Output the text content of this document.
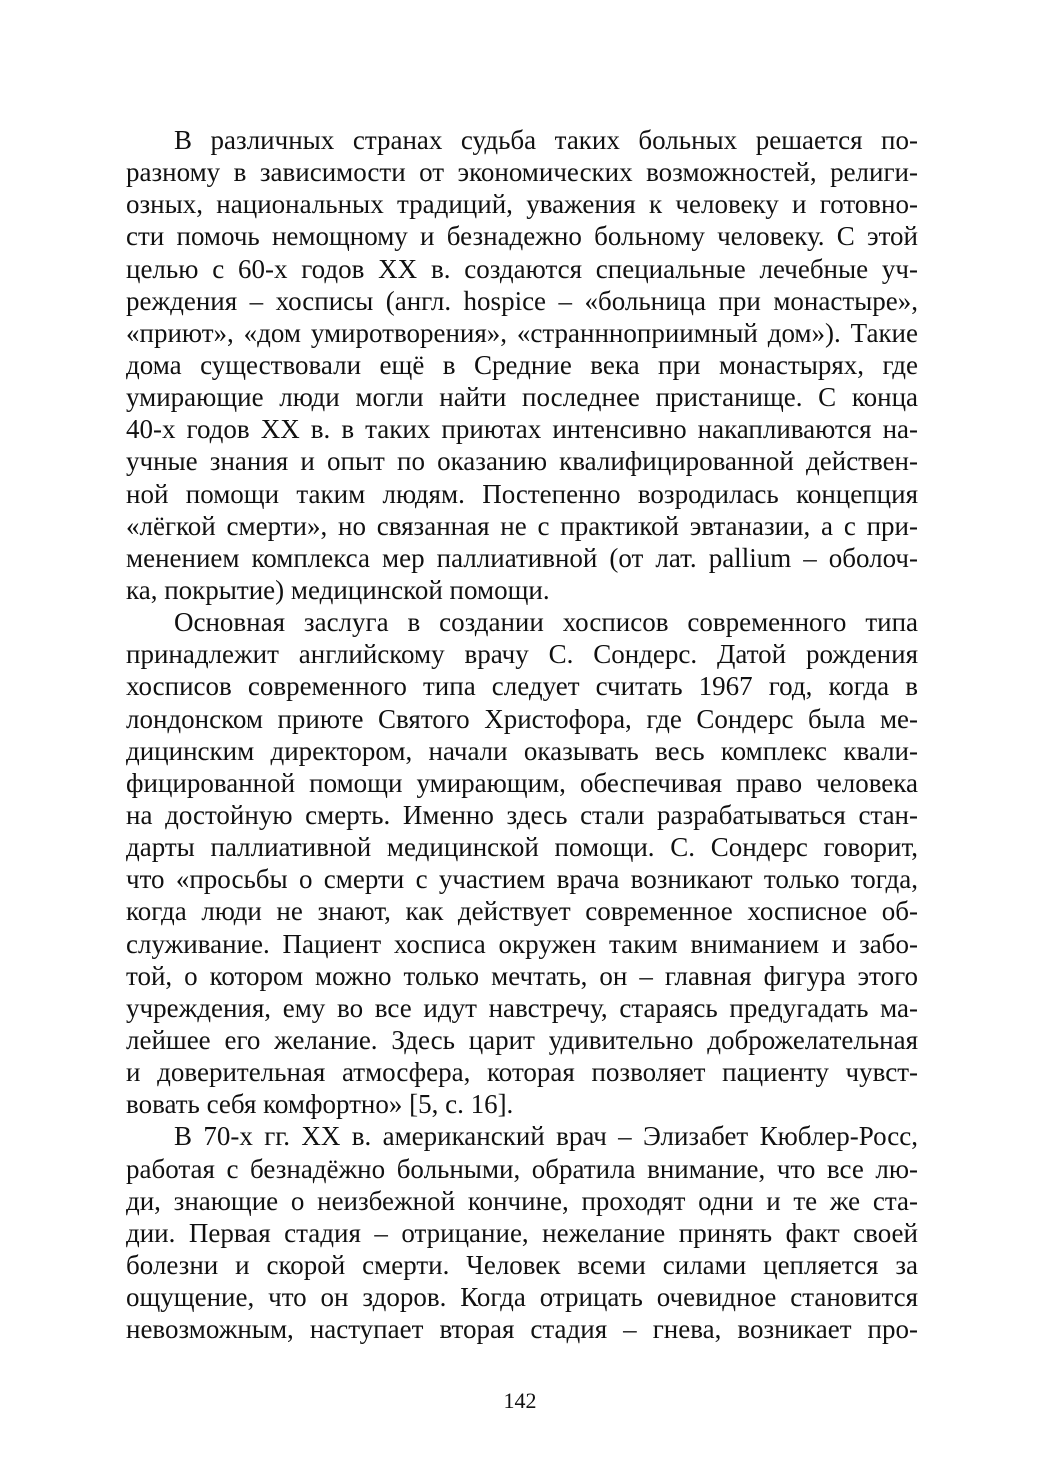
В различных странах судьба таких больных решается по-
разному в зависимости от экономических возможностей, религи-
озных, национальных традиций, уважения к человеку и готовно-
сти помочь немощному и безнадежно больному человеку. С этой
целью с 60-х годов XX в. создаются специальные лечебные уч-
реждения – хосписы (англ. hospice – «больница при монастыре»,
«приют», «дом умиротворения», «страннноприимный дом»). Такие
дома существовали ещё в Средние века при монастырях, где
умирающие люди могли найти последнее пристанище. С конца
40-х годов XX в. в таких приютах интенсивно накапливаются на-
учные знания и опыт по оказанию квалифицированной действен-
ной помощи таким людям. Постепенно возродилась концепция
«лёгкой смерти», но связанная не с практикой эвтаназии, а с при-
менением комплекса мер паллиативной (от лат. pallium – оболоч-
ка, покрытие) медицинской помощи.
Основная заслуга в создании хосписов современного типа
принадлежит английскому врачу С. Сондерс. Датой рождения
хосписов современного типа следует считать 1967 год, когда в
лондонском приюте Святого Христофора, где Сондерс была ме-
дицинским директором, начали оказывать весь комплекс квали-
фицированной помощи умирающим, обеспечивая право человека
на достойную смерть. Именно здесь стали разрабатываться стан-
дарты паллиативной медицинской помощи. С. Сондерс говорит,
что «просьбы о смерти с участием врача возникают только тогда,
когда люди не знают, как действует современное хосписное об-
служивание. Пациент хосписа окружен таким вниманием и забо-
той, о котором можно только мечтать, он – главная фигура этого
учреждения, ему во все идут навстречу, стараясь предугадать ма-
лейшее его желание. Здесь царит удивительно доброжелательная
и доверительная атмосфера, которая позволяет пациенту чувст-
вовать себя комфортно» [5, с. 16].
В 70-х гг. XX в. американский врач – Элизабет Кюблер-Росс,
работая с безнадёжно больными, обратила внимание, что все лю-
ди, знающие о неизбежной кончине, проходят одни и те же ста-
дии. Первая стадия – отрицание, нежелание принять факт своей
болезни и скорой смерти. Человек всеми силами цепляется за
ощущение, что он здоров. Когда отрицать очевидное становится
невозможным, наступает вторая стадия – гнева, возникает про-
142
